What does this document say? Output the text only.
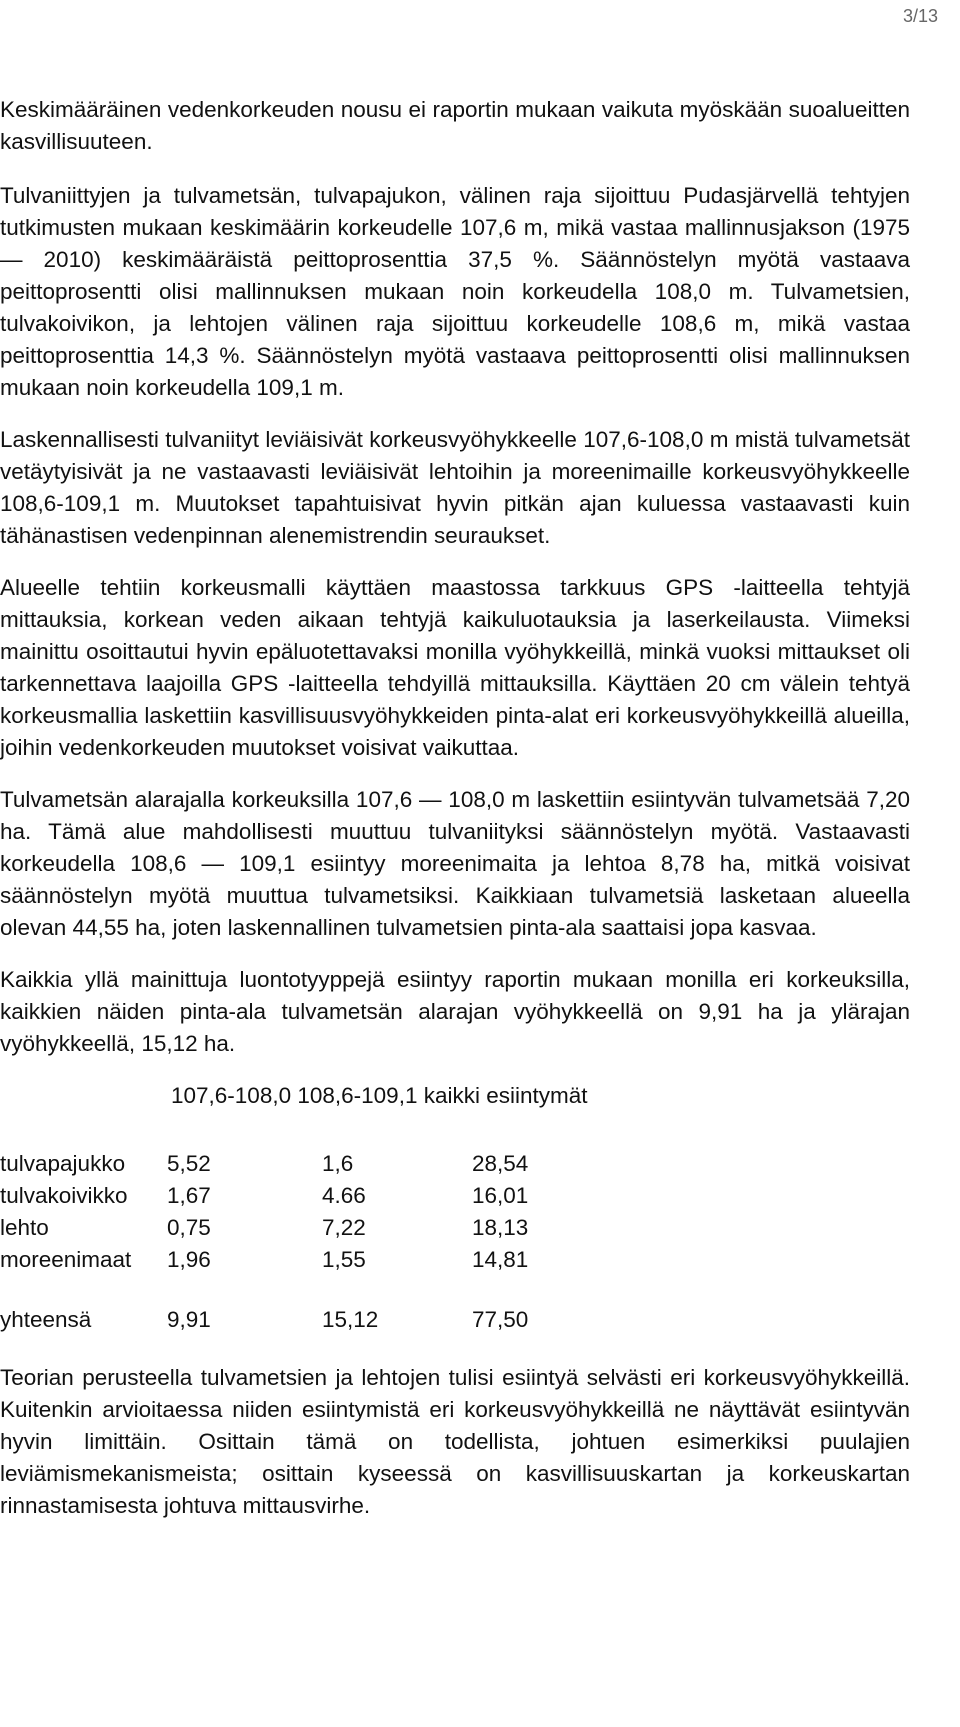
3/13

Keskimääräinen vedenkorkeuden nousu ei raportin mukaan vaikuta myöskään suoalueitten kasvillisuuteen.

Tulvaniittyjen ja tulvametsän, tulvapajukon, välinen raja sijoittuu Pudasjärvellä tehtyjen tutkimusten mukaan keskimäärin korkeudelle 107,6 m, mikä vastaa mallinnusjakson (1975 — 2010) keskimääräistä peittoprosenttia 37,5 %. Säännöstelyn myötä vastaava peittoprosentti olisi mallinnuksen mukaan noin korkeudella 108,0 m. Tulvametsien, tulvakoivikon, ja lehtojen välinen raja sijoittuu korkeudelle 108,6 m, mikä vastaa peittoprosenttia 14,3 %. Säännöstelyn myötä vastaava peittoprosentti olisi mallinnuksen mukaan noin korkeudella 109,1 m.

Laskennallisesti tulvaniityt leviäisivät korkeusvyöhykkeelle 107,6-108,0 m mistä tulvametsät vetäytyisivät ja ne vastaavasti leviäisivät lehtoihin ja moreenimaille korkeusvyöhykkeelle 108,6-109,1 m. Muutokset tapahtuisivat hyvin pitkän ajan kuluessa vastaavasti kuin tähänastisen vedenpinnan alenemistrendin seuraukset.

Alueelle tehtiin korkeusmalli käyttäen maastossa tarkkuus GPS -laitteella tehtyjä mittauksia, korkean veden aikaan tehtyjä kaikuluotauksia ja laserkeilausta. Viimeksi mainittu osoittautui hyvin epäluotettavaksi monilla vyöhykkeillä, minkä vuoksi mittaukset oli tarkennettava laajoilla GPS -laitteella tehdyillä mittauksilla. Käyttäen 20 cm välein tehtyä korkeusmallia laskettiin kasvillisuusvyöhykkeiden pinta-alat eri korkeusvyöhykkeillä alueilla, joihin vedenkorkeuden muutokset voisivat vaikuttaa.

Tulvametsän alarajalla korkeuksilla 107,6 — 108,0 m laskettiin esiintyvän tulvametsää 7,20 ha. Tämä alue mahdollisesti muuttuu tulvaniityksi säännöstelyn myötä. Vastaavasti korkeudella 108,6 — 109,1 esiintyy moreenimaita ja lehtoa 8,78 ha, mitkä voisivat säännöstelyn myötä muuttua tulvametsiksi. Kaikkiaan tulvametsiä lasketaan alueella olevan 44,55 ha, joten laskennallinen tulvametsien pinta-ala saattaisi jopa kasvaa.

Kaikkia yllä mainittuja luontotyyppejä esiintyy raportin mukaan monilla eri korkeuksilla, kaikkien näiden pinta-ala tulvametsän alarajan vyöhykkeellä on 9,91 ha ja ylärajan vyöhykkeellä, 15,12 ha.

107,6-108,0 108,6-109,1 kaikki esiintymät
tulvapajukko	5,52	1,6	28,54
tulvakoivikko	1,67	4.66	16,01
lehto	0,75	7,22	18,13
moreenimaat	1,96	1,55	14,81

yhteensä	9,91	15,12	77,50

Teorian perusteella tulvametsien ja lehtojen tulisi esiintyä selvästi eri korkeusvyöhykkeillä. Kuitenkin arvioitaessa niiden esiintymistä eri korkeusvyöhykkeillä ne näyttävät esiintyvän hyvin limittäin. Osittain tämä on todellista, johtuen esimerkiksi puulajien leviämismekanismeista; osittain kyseessä on kasvillisuuskartan ja korkeuskartan rinnastamisesta johtuva mittausvirhe.
